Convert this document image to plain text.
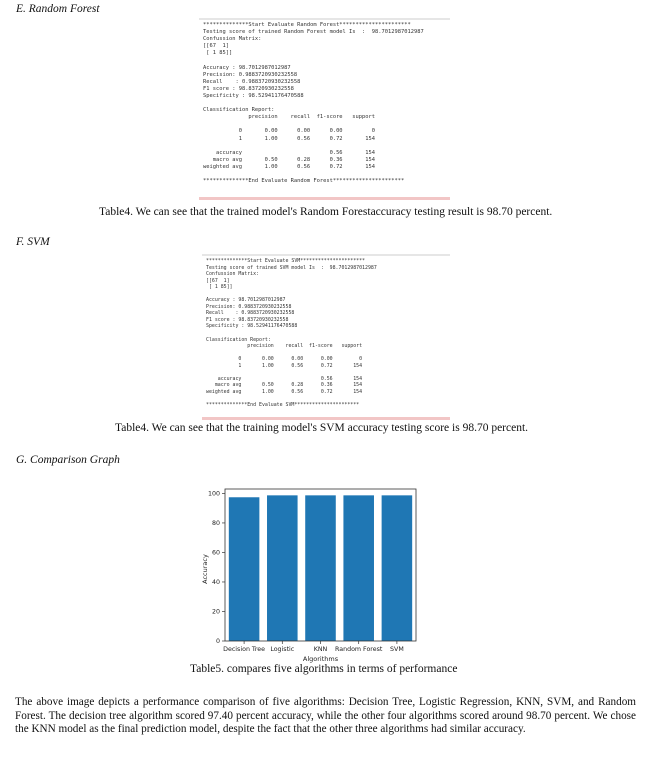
E. Random Forest
**************Start Evaluate Random Forest**********************
Testing score of trained Random Forest model Is  :  98.7012987012987
Confussion Matrix:
[[67  1]
[ 1 85]]

Accuracy : 98.7012987012987
Precision: 0.9883720930232558
Recall    : 0.9883720930232558
F1 score : 98.83720930232558
Specificity : 98.52941176470588

Classification Report:
precision    recall  f1-score   support

0       0.00      0.00      0.00         0
1       1.00      0.56      0.72       154

accuracy                           0.56       154
macro avg       0.50      0.28      0.36       154
weighted avg       1.00      0.56      0.72       154

**************End Evaluate Random Forest**********************
Table4. We can see that the trained model's Random Forestaccuracy testing result is 98.70 percent.
F. SVM
**************Start Evaluate SVM**********************
Testing score of trained SVM model Is  :  98.7012987012987
Confussion Matrix:
[[67  1]
[ 1 85]]

Accuracy : 98.7012987012987
Precision: 0.9883720930232558
Recall    : 0.9883720930232558
F1 score : 98.83720930232558
Specificity : 98.52941176470588

Classification Report:
precision    recall  f1-score   support

0       0.00      0.00      0.00         0
1       1.00      0.56      0.72       154

accuracy                           0.56       154
macro avg       0.50      0.28      0.36       154
weighted avg       1.00      0.56      0.72       154

**************End Evaluate SVM**********************
Table4. We can see that the training model's SVM accuracy testing score is 98.70 percent.
G. Comparison Graph
Decision Tree Logistic	KNN Random Forest SVM
0
20
40
60
80
100
Algorithms
Accuracy
Table5. compares five algorithms in terms of performance
The above image depicts a performance comparison of five algorithms: Decision Tree, Logistic Regression, KNN, SVM, and Random Forest. The decision tree algorithm scored 97.40 percent accuracy, while the other four algorithms scored around 98.70 percent. We chose the KNN model as the final prediction model, despite the fact that the other three algorithms had similar accuracy.
